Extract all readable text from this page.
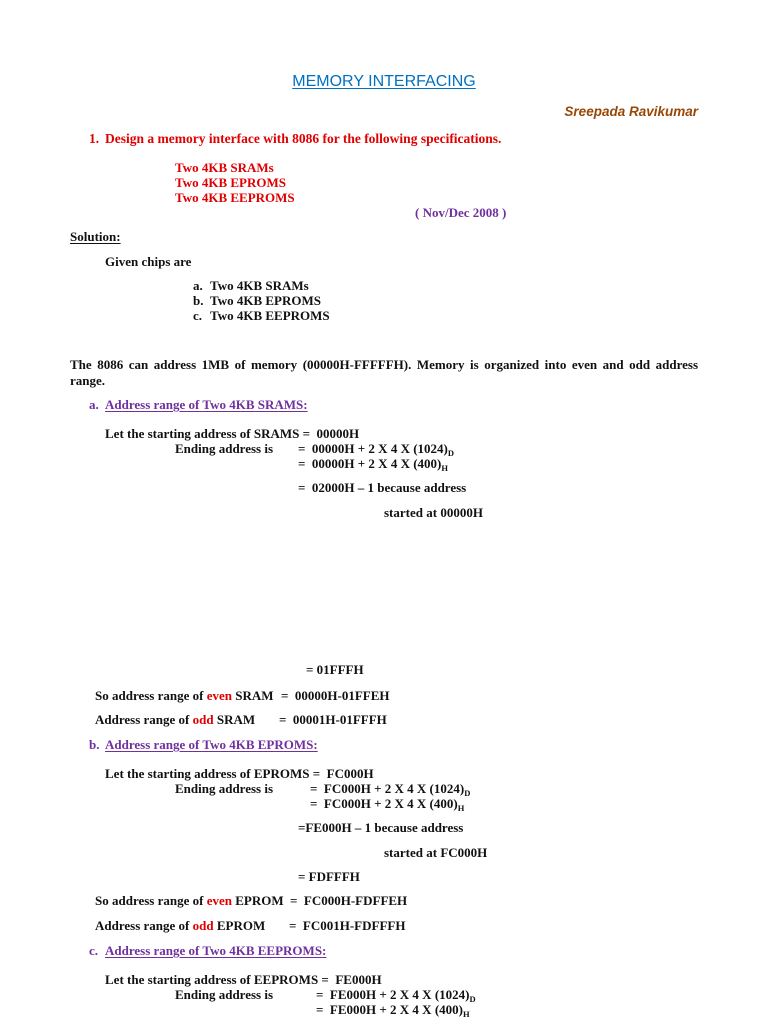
MEMORY INTERFACING
Sreepada Ravikumar
1. Design a memory interface with 8086 for the following specifications.
Two 4KB SRAMs
Two 4KB EPROMS
Two 4KB EEPROMS
( Nov/Dec 2008 )
Solution:
Given chips are
a. Two 4KB SRAMs
b. Two 4KB EPROMS
c. Two 4KB EEPROMS
The 8086 can address 1MB of memory (00000H-FFFFFH). Memory is organized into even and odd address
range.
a. Address range of Two 4KB SRAMS:
Let the starting address of SRAMS =  00000H
Ending address is =  00000H + 2 X 4 X $(1024)_D$
=  00000H + 2 X 4 X $(400)_H$
=  02000H – 1 because address
started at 00000H
= 01FFFH
So address range of even SRAM =  00000H-01FFEH
Address range of odd SRAM =  00001H-01FFFH
b. Address range of Two 4KB EPROMS:
Let the starting address of EPROMS =  FC000H
Ending address is	=  FC000H + 2 X 4 X $(1024)_D$
=  FC000H + 2 X 4 X $(400)_H$
=FE000H – 1 because address
started at FC000H
= FDFFFH
So address range of even EPROM =  FC000H-FDFFEH
Address range of odd EPROM =  FC001H-FDFFFH
c. Address range of Two 4KB EEPROMS:
Let the starting address of EEPROMS =  FE000H
Ending address is	=  FE000H + 2 X 4 X $(1024)_D$
=  FE000H + 2 X 4 X $(400)_H$
